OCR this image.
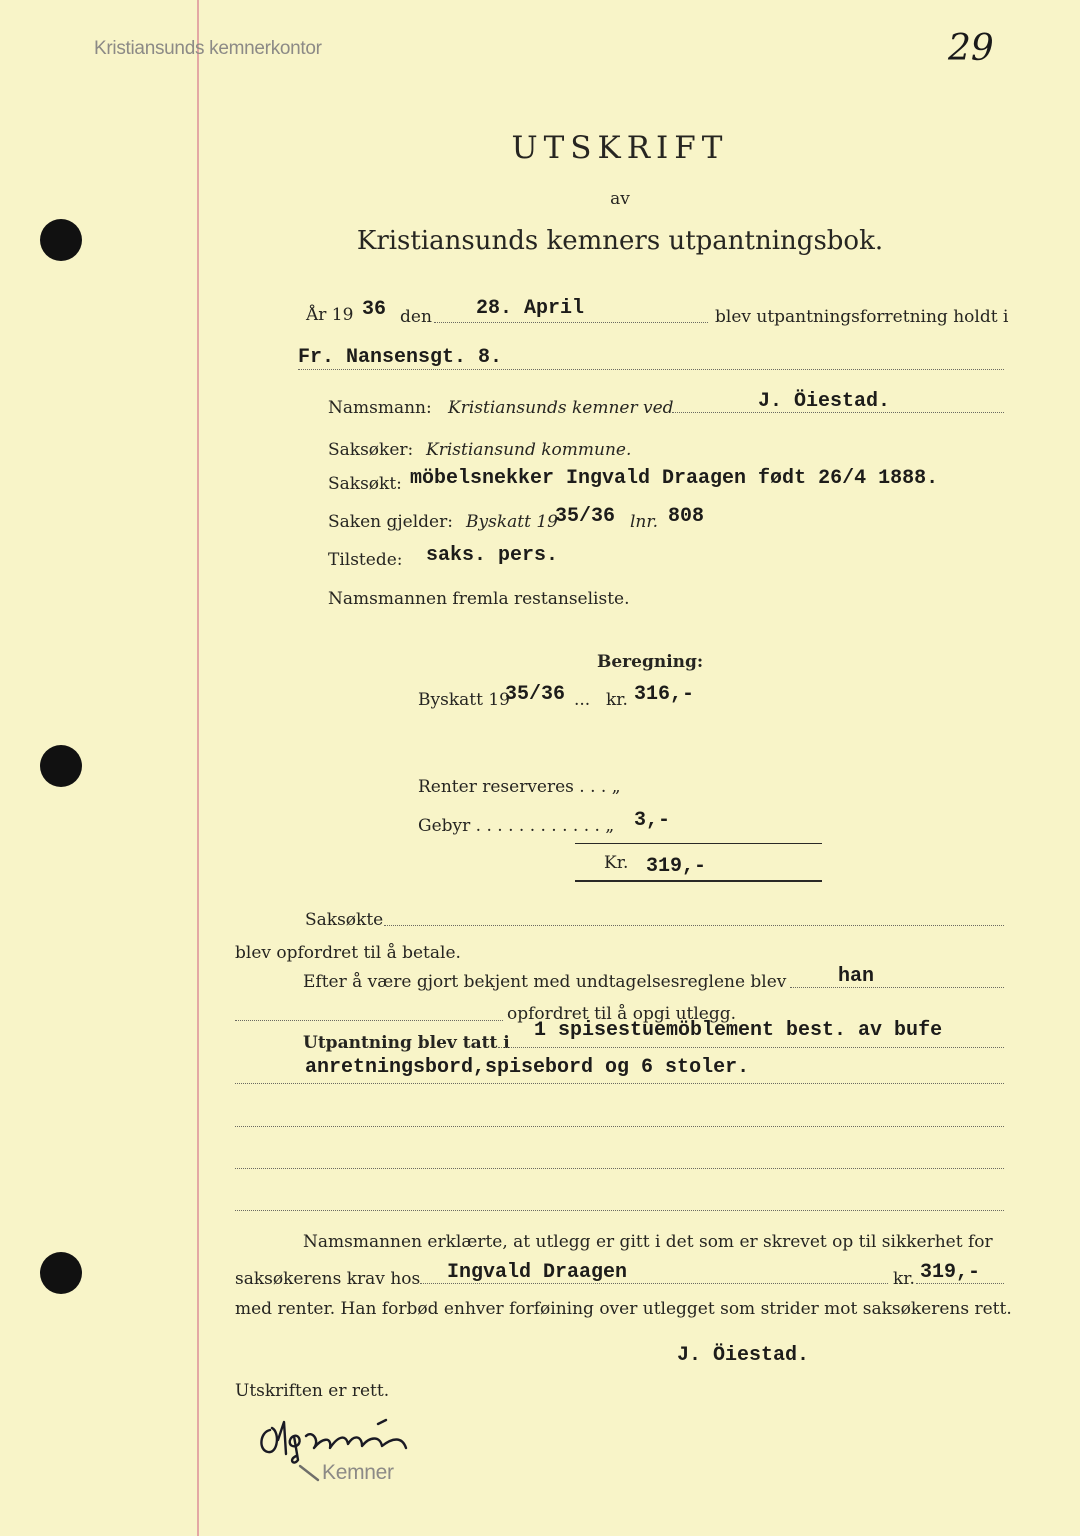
Kristiansunds kemnerkontor	29
UTSKRIFT
av
Kristiansunds kemners utpantningsbok.
År 19 36 den 28. April	blev utpantningsforretning holdt i
Fr. Nansensgt. 8.
Namsmann: Kristiansunds kemner ved	J. Öiestad.
Saksøker: Kristiansund kommune.
Saksøkt: möbelsnekker Ingvald Draagen født 26/4 1888.
Saken gjelder: Byskatt 19
35/36 lnr. 808
Tilstede: saks. pers.
Namsmannen fremla restanseliste.
Beregning:
Byskatt 19
35/36 ... kr. 316,-
Renter reserveres . . . „
Gebyr . . . . . . . . . . . . „ 3,-
Kr. 319,-
Saksøkte
blev opfordret til å betale.
Efter å være gjort bekjent med undtagelsesreglene blev	han
opfordret til å opgi utlegg.
Utpantning blev tatt i
1 spisestuemöblement best. av bufe
anretningsbord,spisebord og 6 stoler.
Namsmannen erklærte, at utlegg er gitt i det som er skrevet op til sikkerhet for
saksøkerens krav hos Ingvald Draagen	kr. 319,-
med renter. Han forbød enhver forføining over utlegget som strider mot saksøkerens rett.
J. Öiestad.
Utskriften er rett.
Kemner
